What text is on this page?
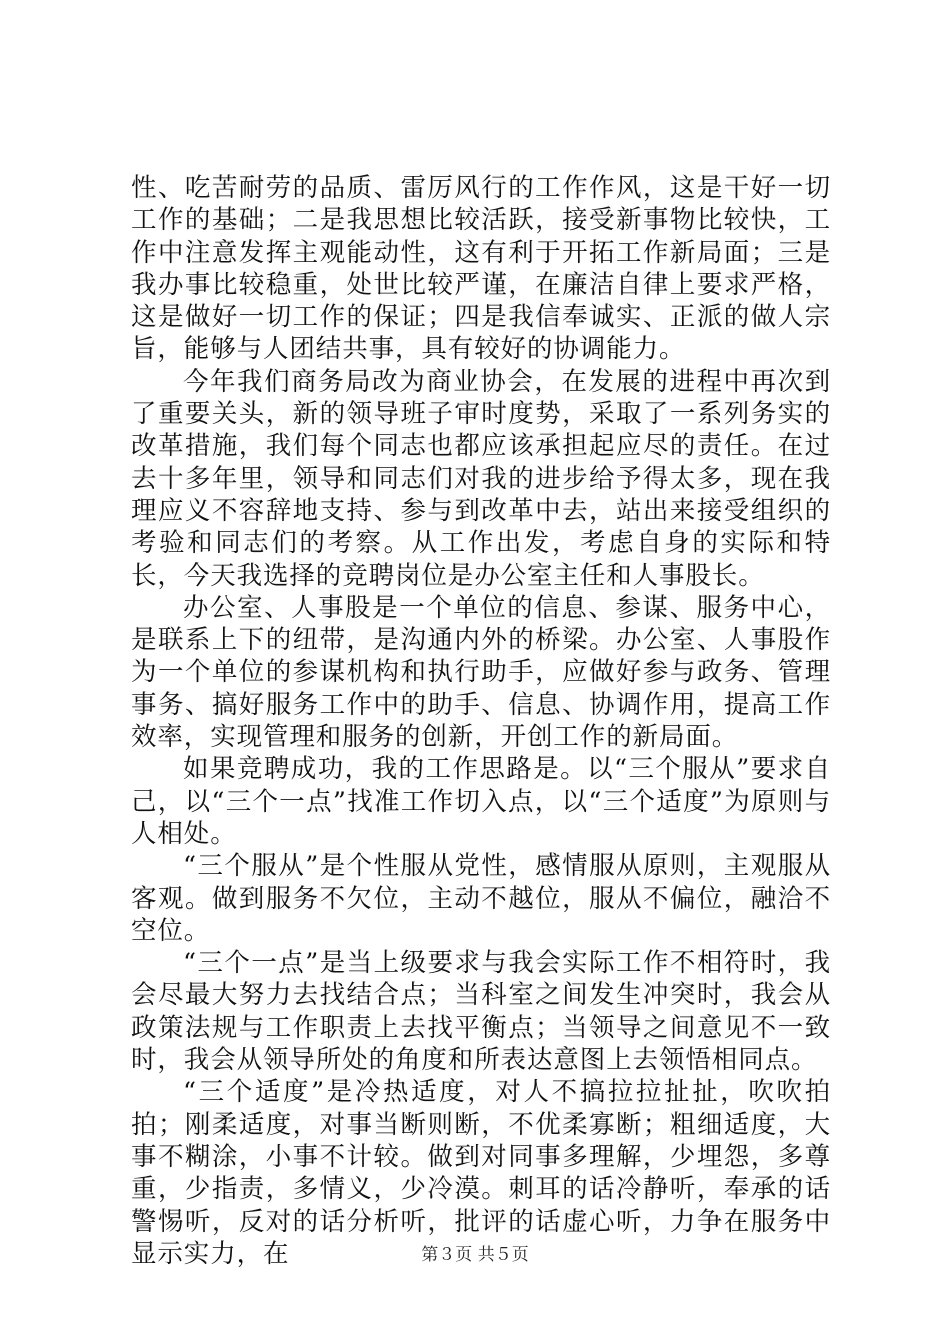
性、吃苦耐劳的品质、雷厉风行的工作作风，这是干好一切工作的基础；二是我思想比较活跃，接受新事物比较快，工作中注意发挥主观能动性，这有利于开拓工作新局面；三是我办事比较稳重，处世比较严谨，在廉洁自律上要求严格，这是做好一切工作的保证；四是我信奉诚实、正派的做人宗旨，能够与人团结共事，具有较好的协调能力。

今年我们商务局改为商业协会，在发展的进程中再次到了重要关头，新的领导班子审时度势，采取了一系列务实的改革措施，我们每个同志也都应该承担起应尽的责任。在过去十多年里，领导和同志们对我的进步给予得太多，现在我理应义不容辞地支持、参与到改革中去，站出来接受组织的考验和同志们的考察。从工作出发，考虑自身的实际和特长，今天我选择的竞聘岗位是办公室主任和人事股长。

办公室、人事股是一个单位的信息、参谋、服务中心，是联系上下的纽带，是沟通内外的桥梁。办公室、人事股作为一个单位的参谋机构和执行助手，应做好参与政务、管理事务、搞好服务工作中的助手、信息、协调作用，提高工作效率，实现管理和服务的创新，开创工作的新局面。

如果竞聘成功，我的工作思路是。以“三个服从”要求自己，以“三个一点”找准工作切入点，以“三个适度”为原则与人相处。

“三个服从”是个性服从党性，感情服从原则，主观服从客观。做到服务不欠位，主动不越位，服从不偏位，融洽不空位。

“三个一点”是当上级要求与我会实际工作不相符时，我会尽最大努力去找结合点；当科室之间发生冲突时，我会从政策法规与工作职责上去找平衡点；当领导之间意见不一致时，我会从领导所处的角度和所表达意图上去领悟相同点。

“三个适度”是冷热适度，对人不搞拉拉扯扯，吹吹拍拍；刚柔适度，对事当断则断，不优柔寡断；粗细适度，大事不糊涂，小事不计较。做到对同事多理解，少埋怨，多尊重，少指责，多情义，少冷漠。刺耳的话冷静听，奉承的话警惕听，反对的话分析听，批评的话虚心听，力争在服务中显示实力，在	第３页 共５页
